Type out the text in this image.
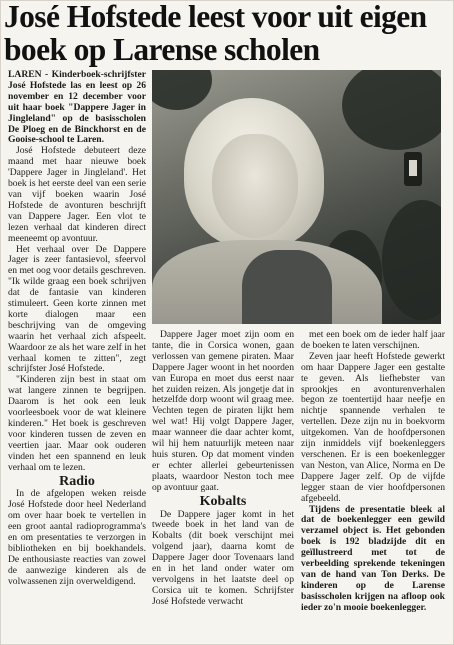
José Hofstede leest voor uit eigen boek op Larense scholen

LAREN - Kinderboek-schrijfster José Hofstede las en leest op 26 november en 12 december voor uit haar boek "Dappere Jager in Jingleland" op de basisscholen De Ploeg en de Binckhorst en de Gooise-school te Laren.

José Hofstede debuteert deze maand met haar nieuwe boek 'Dappere Jager in Jingleland'. Het boek is het eerste deel van een serie van vijf boeken waarin José Hofstede de avonturen beschrijft van Dappere Jager. Een vlot te lezen verhaal dat kinderen direct meeneemt op avontuur.

Het verhaal over De Dappere Jager is zeer fantasievol, sfeervol en met oog voor details geschreven. "Ik wilde graag een boek schrijven dat de fantasie van kinderen stimuleert. Geen korte zinnen met korte dialogen maar een beschrijving van de omgeving waarin het verhaal zich afspeelt. Waardoor ze als het ware zelf in het verhaal komen te zitten", zegt schrijfster José Hofstede.

"Kinderen zijn best in staat om wat langere zinnen te begrijpen. Daarom is het ook een leuk voorleesboek voor de wat kleinere kinderen." Het boek is geschreven voor kinderen tussen de zeven en veertien jaar. Maar ook ouderen vinden het een spannend en leuk verhaal om te lezen.

Radio

In de afgelopen weken reisde José Hofstede door heel Nederland om over haar boek te vertellen in een groot aantal radioprogramma's en om presentaties te verzorgen in bibliotheken en bij boekhandels. De enthousiaste reacties van zowel de aanwezige kinderen als de volwassenen zijn overweldigend.

Dappere Jager moet zijn oom en tante, die in Corsica wonen, gaan verlossen van gemene piraten. Maar Dappere Jager woont in het noorden van Europa en moet dus eerst naar het zuiden reizen. Als jongetje dat in hetzelfde dorp woont wil graag mee. Vechten tegen de piraten lijkt hem wel wat! Hij volgt Dappere Jager, maar wanneer die daar achter komt, wil hij hem natuurlijk meteen naar huis sturen. Op dat moment vinden er echter allerlei gebeurtenissen plaats, waardoor Neston toch mee op avontuur gaat.

Kobalts

De Dappere jager komt in het tweede boek in het land van de Kobalts (dit boek verschijnt mei volgend jaar), daarna komt de Dappere Jager door Tovenaars land en in het land onder water om vervolgens in het laatste deel op Corsica uit te komen. Schrijfster José Hofstede verwacht

met een boek om de ieder half jaar de boeken te laten verschijnen.

Zeven jaar heeft Hofstede gewerkt om haar Dappere Jager een gestalte te geven. Als liefhebster van sprookjes en avonturenverhalen begon ze toentertijd haar neefje en nichtje spannende verhalen te vertellen. Deze zijn nu in boekvorm uitgekomen. Van de hoofdpersonen zijn inmiddels vijf boekenleggers verschenen. Er is een boekenlegger van Neston, van Alice, Norma en De Dappere Jager zelf. Op de vijfde legger staan de vier hoofdpersonen afgebeeld.

Tijdens de presentatie bleek al dat de boekenlegger een gewild verzamel object is. Het gebonden boek is 192 bladzijde dit en geïllustreerd met tot de verbeelding sprekende tekeningen van de hand van Ton Derks. De kinderen op de Larense basisscholen krijgen na afloop ook ieder zo'n mooie boekenlegger.
